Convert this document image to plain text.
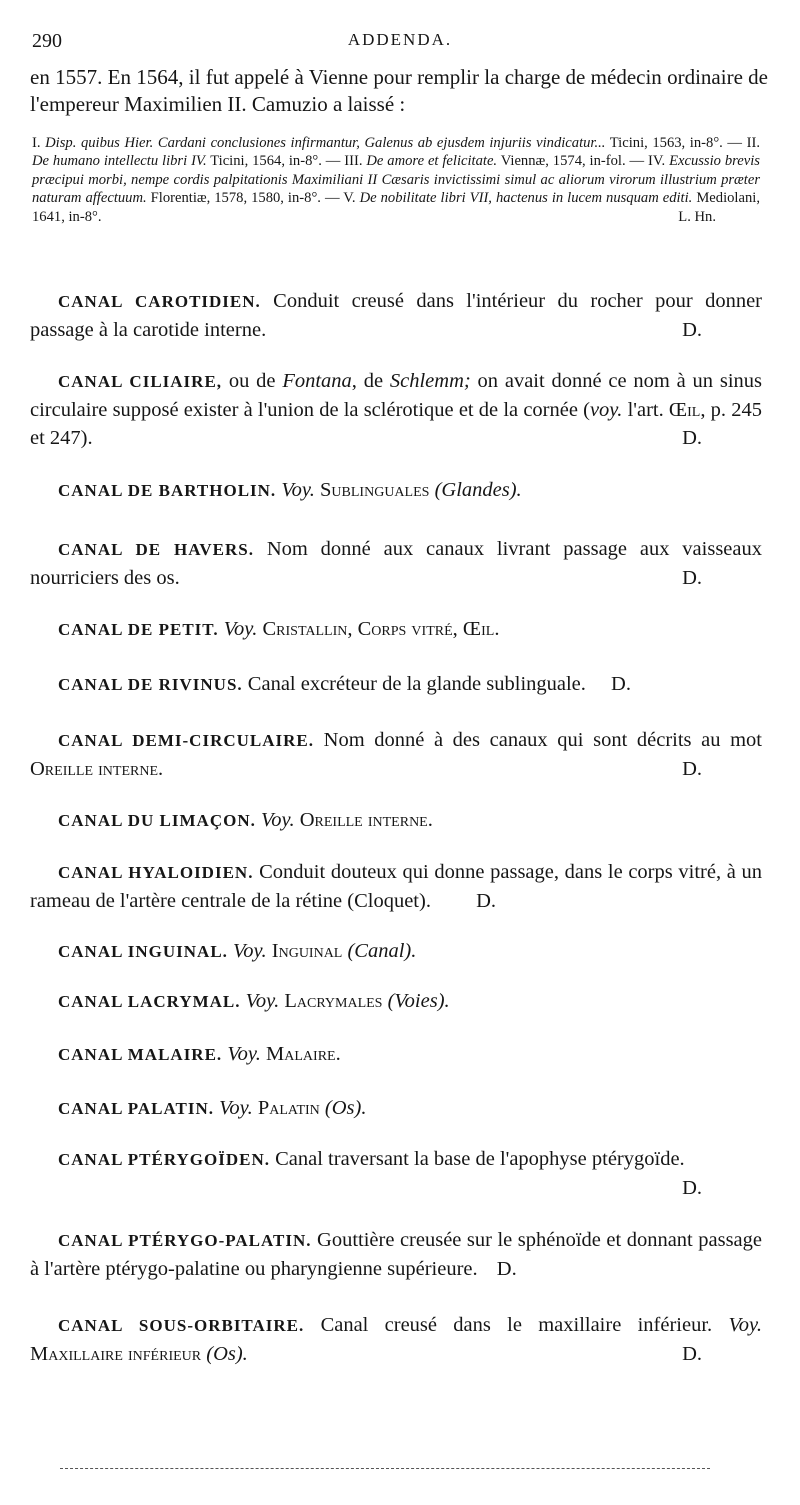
290	ADDENDA.
en 1557. En 1564, il fut appelé à Vienne pour remplir la charge de médecin ordinaire de l'empereur Maximilien II. Camuzio a laissé :
I. Disp. quibus Hier. Cardani conclusiones infirmantur, Galenus ab ejusdem injuriis vindicatur... Ticini, 1563, in-8°. — II. De humano intellectu libri IV. Ticini, 1564, in-8°. — III. De amore et felicitate. Viennæ, 1574, in-fol. — IV. Excussio brevis præcipui morbi, nempe cordis palpitationis Maximiliani II Cæsaris invictissimi simul ac aliorum virorum illustrium præter naturam affectuum. Florentiæ, 1578, 1580, in-8°. — V. De nobilitate libri VII, hactenus in lucem nusquam editi. Mediolani, 1641, in-8°.	L. Hn.
CANAL CAROTIDIEN. Conduit creusé dans l'intérieur du rocher pour donner passage à la carotide interne.	D.
CANAL CILIAIRE, ou de Fontana, de Schlemm; on avait donné ce nom à un sinus circulaire supposé exister à l'union de la sclérotique et de la cornée (voy. l'art. Œil, p. 245 et 247).	D.
CANAL DE BARTHOLIN. Voy. Sublinguales (Glandes).
CANAL DE HAVERS. Nom donné aux canaux livrant passage aux vaisseaux nourriciers des os.	D.
CANAL DE PETIT. Voy. Cristallin, Corps vitré, Œil.
CANAL DE RIVINUS. Canal excréteur de la glande sublinguale. D.
CANAL DEMI-CIRCULAIRE. Nom donné à des canaux qui sont décrits au mot Oreille interne.	D.
CANAL DU LIMAÇON. Voy. Oreille interne.
CANAL HYALOIDIEN. Conduit douteux qui donne passage, dans le corps vitré, à un rameau de l'artère centrale de la rétine (Cloquet). D.
CANAL INGUINAL. Voy. Inguinal (Canal).
CANAL LACRYMAL. Voy. Lacrymales (Voies).
CANAL MALAIRE. Voy. Malaire.
CANAL PALATIN. Voy. Palatin (Os).
CANAL PTÉRYGOÏDEN. Canal traversant la base de l'apophyse ptérygoïde.
D.
CANAL PTÉRYGO-PALATIN. Gouttière creusée sur le sphénoïde et donnant passage à l'artère ptérygo-palatine ou pharyngienne supérieure. D.
CANAL SOUS-ORBITAIRE. Canal creusé dans le maxillaire inférieur. Voy. Maxillaire inférieur (Os).	D.
